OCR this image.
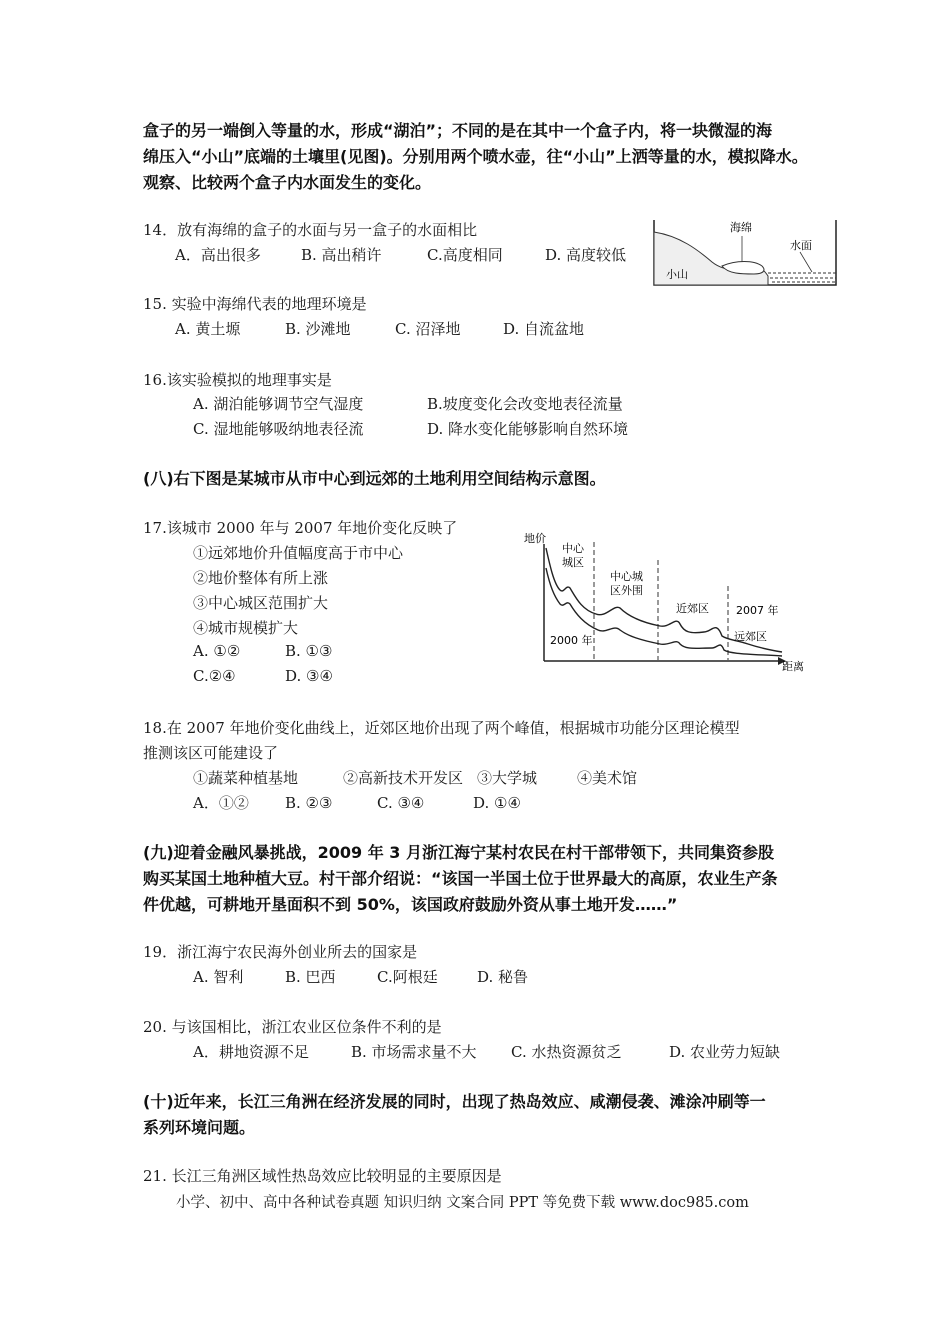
盒子的另一端倒入等量的水，形成“湖泊”；不同的是在其中一个盒子内，将一块微湿的海
绵压入“小山”底端的土壤里(见图)。分别用两个喷水壶，往“小山”上洒等量的水，模拟降水。
观察、比较两个盒子内水面发生的变化。
14．放有海绵的盒子的水面与另一盒子的水面相比
A．高出很多	B. 高出稍许	C.高度相同	D. 高度较低
海绵
水面
小山
15. 实验中海绵代表的地理环境是
A. 黄土塬	B. 沙滩地	C. 沼泽地	D. 自流盆地
16.该实验模拟的地理事实是
A. 湖泊能够调节空气湿度	B.坡度变化会改变地表径流量
C. 湿地能够吸纳地表径流	D. 降水变化能够影响自然环境
(八)右下图是某城市从市中心到远郊的土地利用空间结构示意图。
17.该城市 2000 年与 2007 年地价变化反映了
①远郊地价升值幅度高于市中心
②地价整体有所上涨
③中心城区范围扩大
④城市规模扩大
A. ①②	B. ①③
C.②④	D. ③④
地价
距离
中心
城区
中心城
区外围
近郊区 2007 年
远郊区
2000 年
18.在 2007 年地价变化曲线上，近郊区地价出现了两个峰值，根据城市功能分区理论模型
推测该区可能建设了
①蔬菜种植基地	②高新技术开发区 ③大学城	④美术馆
A．①② B. ②③	C. ③④	D. ①④
(九)迎着金融风暴挑战，2009 年 3 月浙江海宁某村农民在村干部带领下，共同集资参股
购买某国土地种植大豆。村干部介绍说：“该国一半国土位于世界最大的高原，农业生产条
件优越，可耕地开垦面积不到 50%，该国政府鼓励外资从事土地开发……”
19．浙江海宁农民海外创业所去的国家是
A. 智利	B. 巴西	C.阿根廷	D. 秘鲁
20. 与该国相比，浙江农业区位条件不利的是
A．耕地资源不足	B. 市场需求量不大 C. 水热资源贫乏	D. 农业劳力短缺
(十)近年来，长江三角洲在经济发展的同时，出现了热岛效应、咸潮侵袭、滩涂冲刷等一
系列环境问题。
21. 长江三角洲区域性热岛效应比较明显的主要原因是
小学、初中、高中各种试卷真题 知识归纳 文案合同 PPT 等免费下载 www.doc985.com
